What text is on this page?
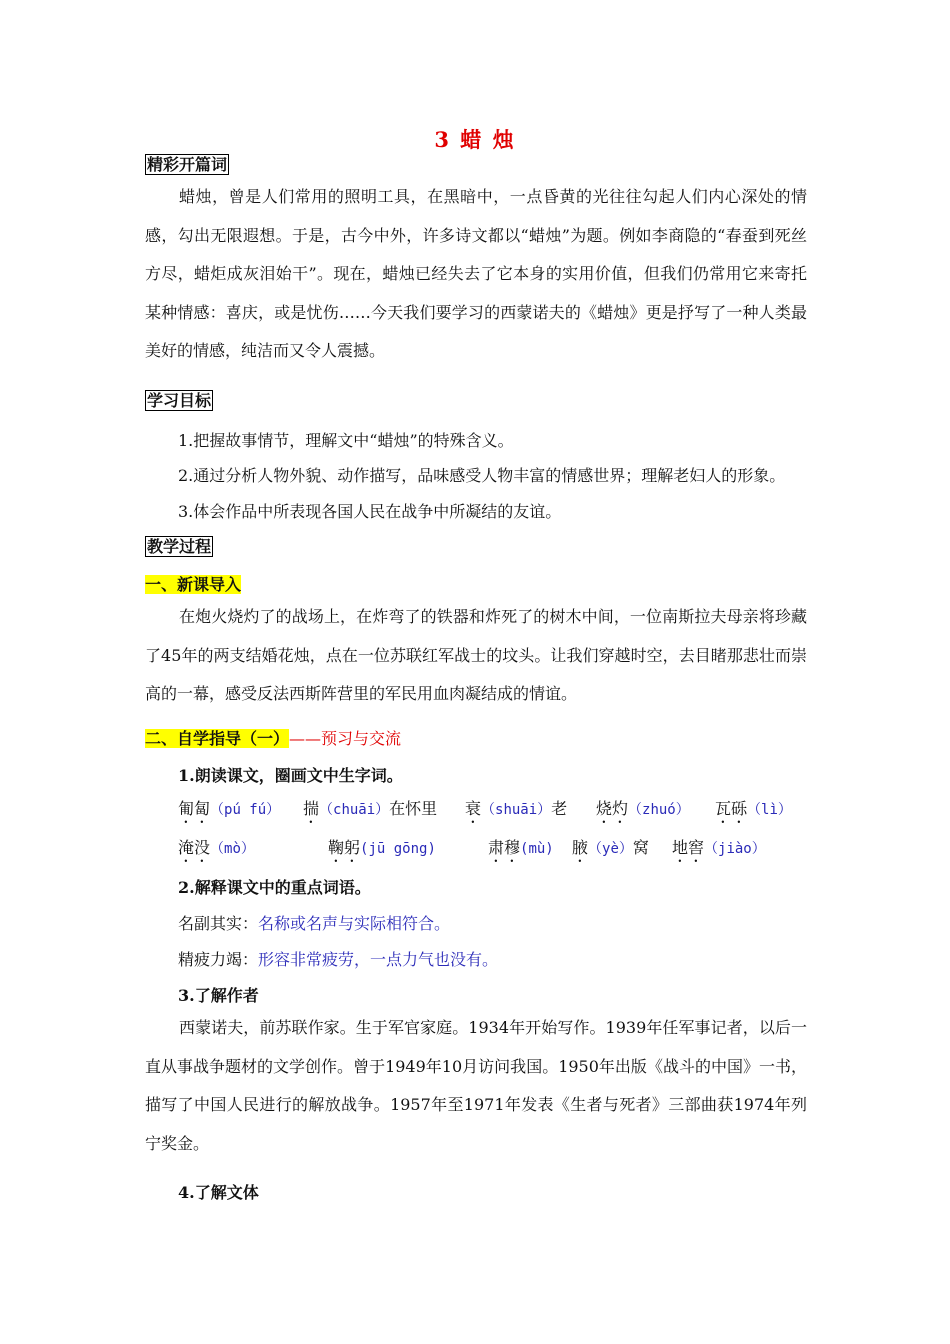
3 蜡 烛
精彩开篇词
蜡烛，曾是人们常用的照明工具，在黑暗中，一点昏黄的光往往勾起人们内心深处的情感，勾出无限遐想。于是，古今中外，许多诗文都以“蜡烛”为题。例如李商隐的“春蚕到死丝方尽，蜡炬成灰泪始干”。现在，蜡烛已经失去了它本身的实用价值，但我们仍常用它来寄托某种情感：喜庆，或是忧伤……今天我们要学习的西蒙诺夫的《蜡烛》更是抒写了一种人类最美好的情感，纯洁而又令人震撼。
学习目标
1.把握故事情节，理解文中“蜡烛”的特殊含义。
2.通过分析人物外貌、动作描写，品味感受人物丰富的情感世界；理解老妇人的形象。
3.体会作品中所表现各国人民在战争中所凝结的友谊。
教学过程
一、新课导入
在炮火烧灼了的战场上，在炸弯了的铁器和炸死了的树木中间，一位南斯拉夫母亲将珍藏了45年的两支结婚花烛，点在一位苏联红军战士的坟头。让我们穿越时空，去目睹那悲壮而崇高的一幕，感受反法西斯阵营里的军民用血肉凝结成的情谊。
二、自学指导（一）——预习与交流
1.朗读课文，圈画文中生字词。
匍匐（pú fú） 揣（chuāi）在怀里 衰（shuāi）老 烧灼（zhuó） 瓦砾（lì）
淹没（mò）	鞠躬(jū gōng)	肃穆(mù) 腋（yè）窝 地窖（jiào）
2.解释课文中的重点词语。
名副其实：名称或名声与实际相符合。
精疲力竭：形容非常疲劳，一点力气也没有。
3.了解作者
西蒙诺夫，前苏联作家。生于军官家庭。1934年开始写作。1939年任军事记者，以后一直从事战争题材的文学创作。曾于1949年10月访问我国。1950年出版《战斗的中国》一书，描写了中国人民进行的解放战争。1957年至1971年发表《生者与死者》三部曲获1974年列宁奖金。
4.了解文体
